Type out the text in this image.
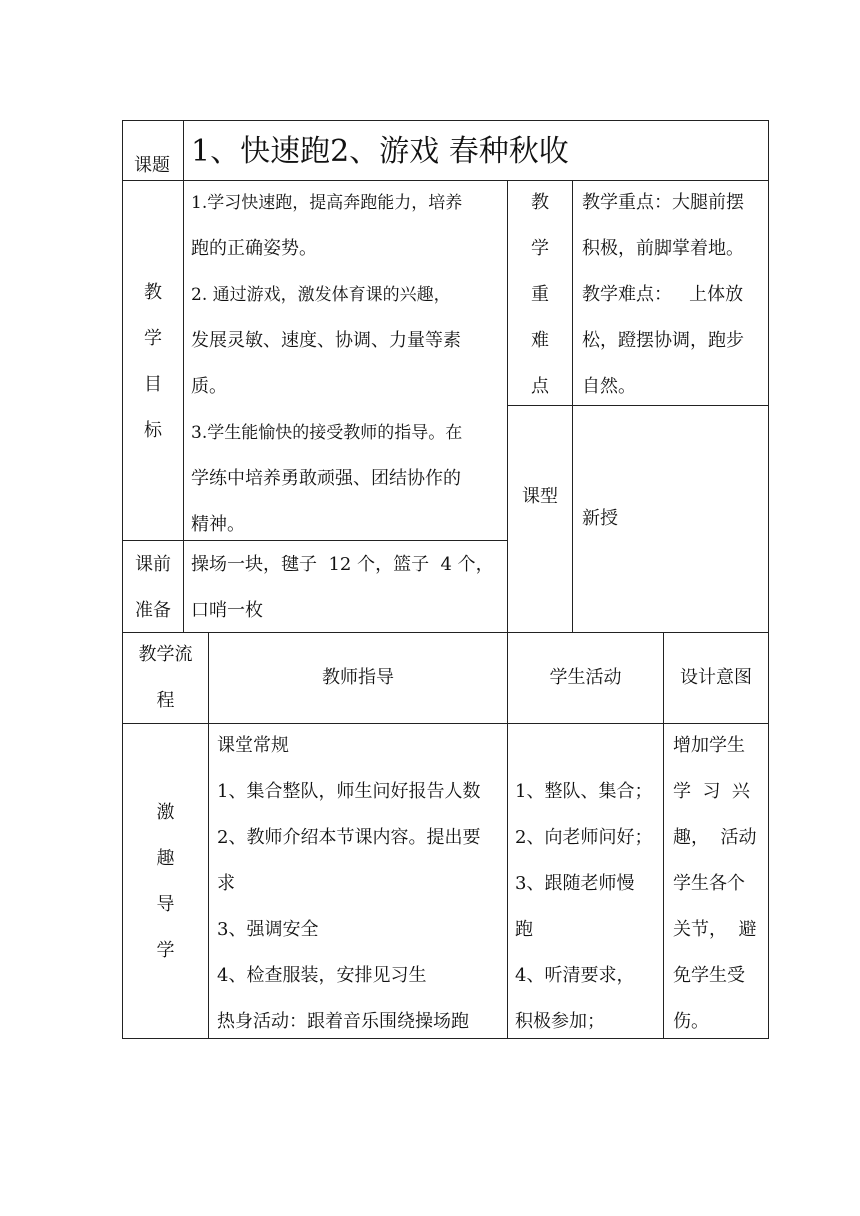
课题 1、快速跑2、游戏 春种秋收
教
学
目
标
1.学习快速跑，提高奔跑能力，培养
跑的正确姿势。
2. 通过游戏，激发体育课的兴趣，
发展灵敏、速度、协调、力量等素
质。
3.学生能愉快的接受教师的指导。在
学练中培养勇敢顽强、团结协作的
精神。
教
学
重
难
点
教学重点：大腿前摆
积极，前脚掌着地。
教学难点：   上体放
松，蹬摆协调，跑步
自然。
课型
新授
课前
准备
操场一块，毽子  12 个，篮子  4 个，
口哨一枚
教学流
程
教师指导	学生活动	设计意图
激
趣
导
学
课堂常规
1、集合整队，师生问好报告人数
2、教师介绍本节课内容。提出要
求
3、强调安全
4、检查服装，安排见习生
热身活动：跟着音乐围绕操场跑
1、整队、集合；
2、向老师问好；
3、跟随老师慢
跑
4、听清要求，
积极参加；
增加学生
学  习  兴
趣，  活动
学生各个
关节，  避
免学生受
伤。
